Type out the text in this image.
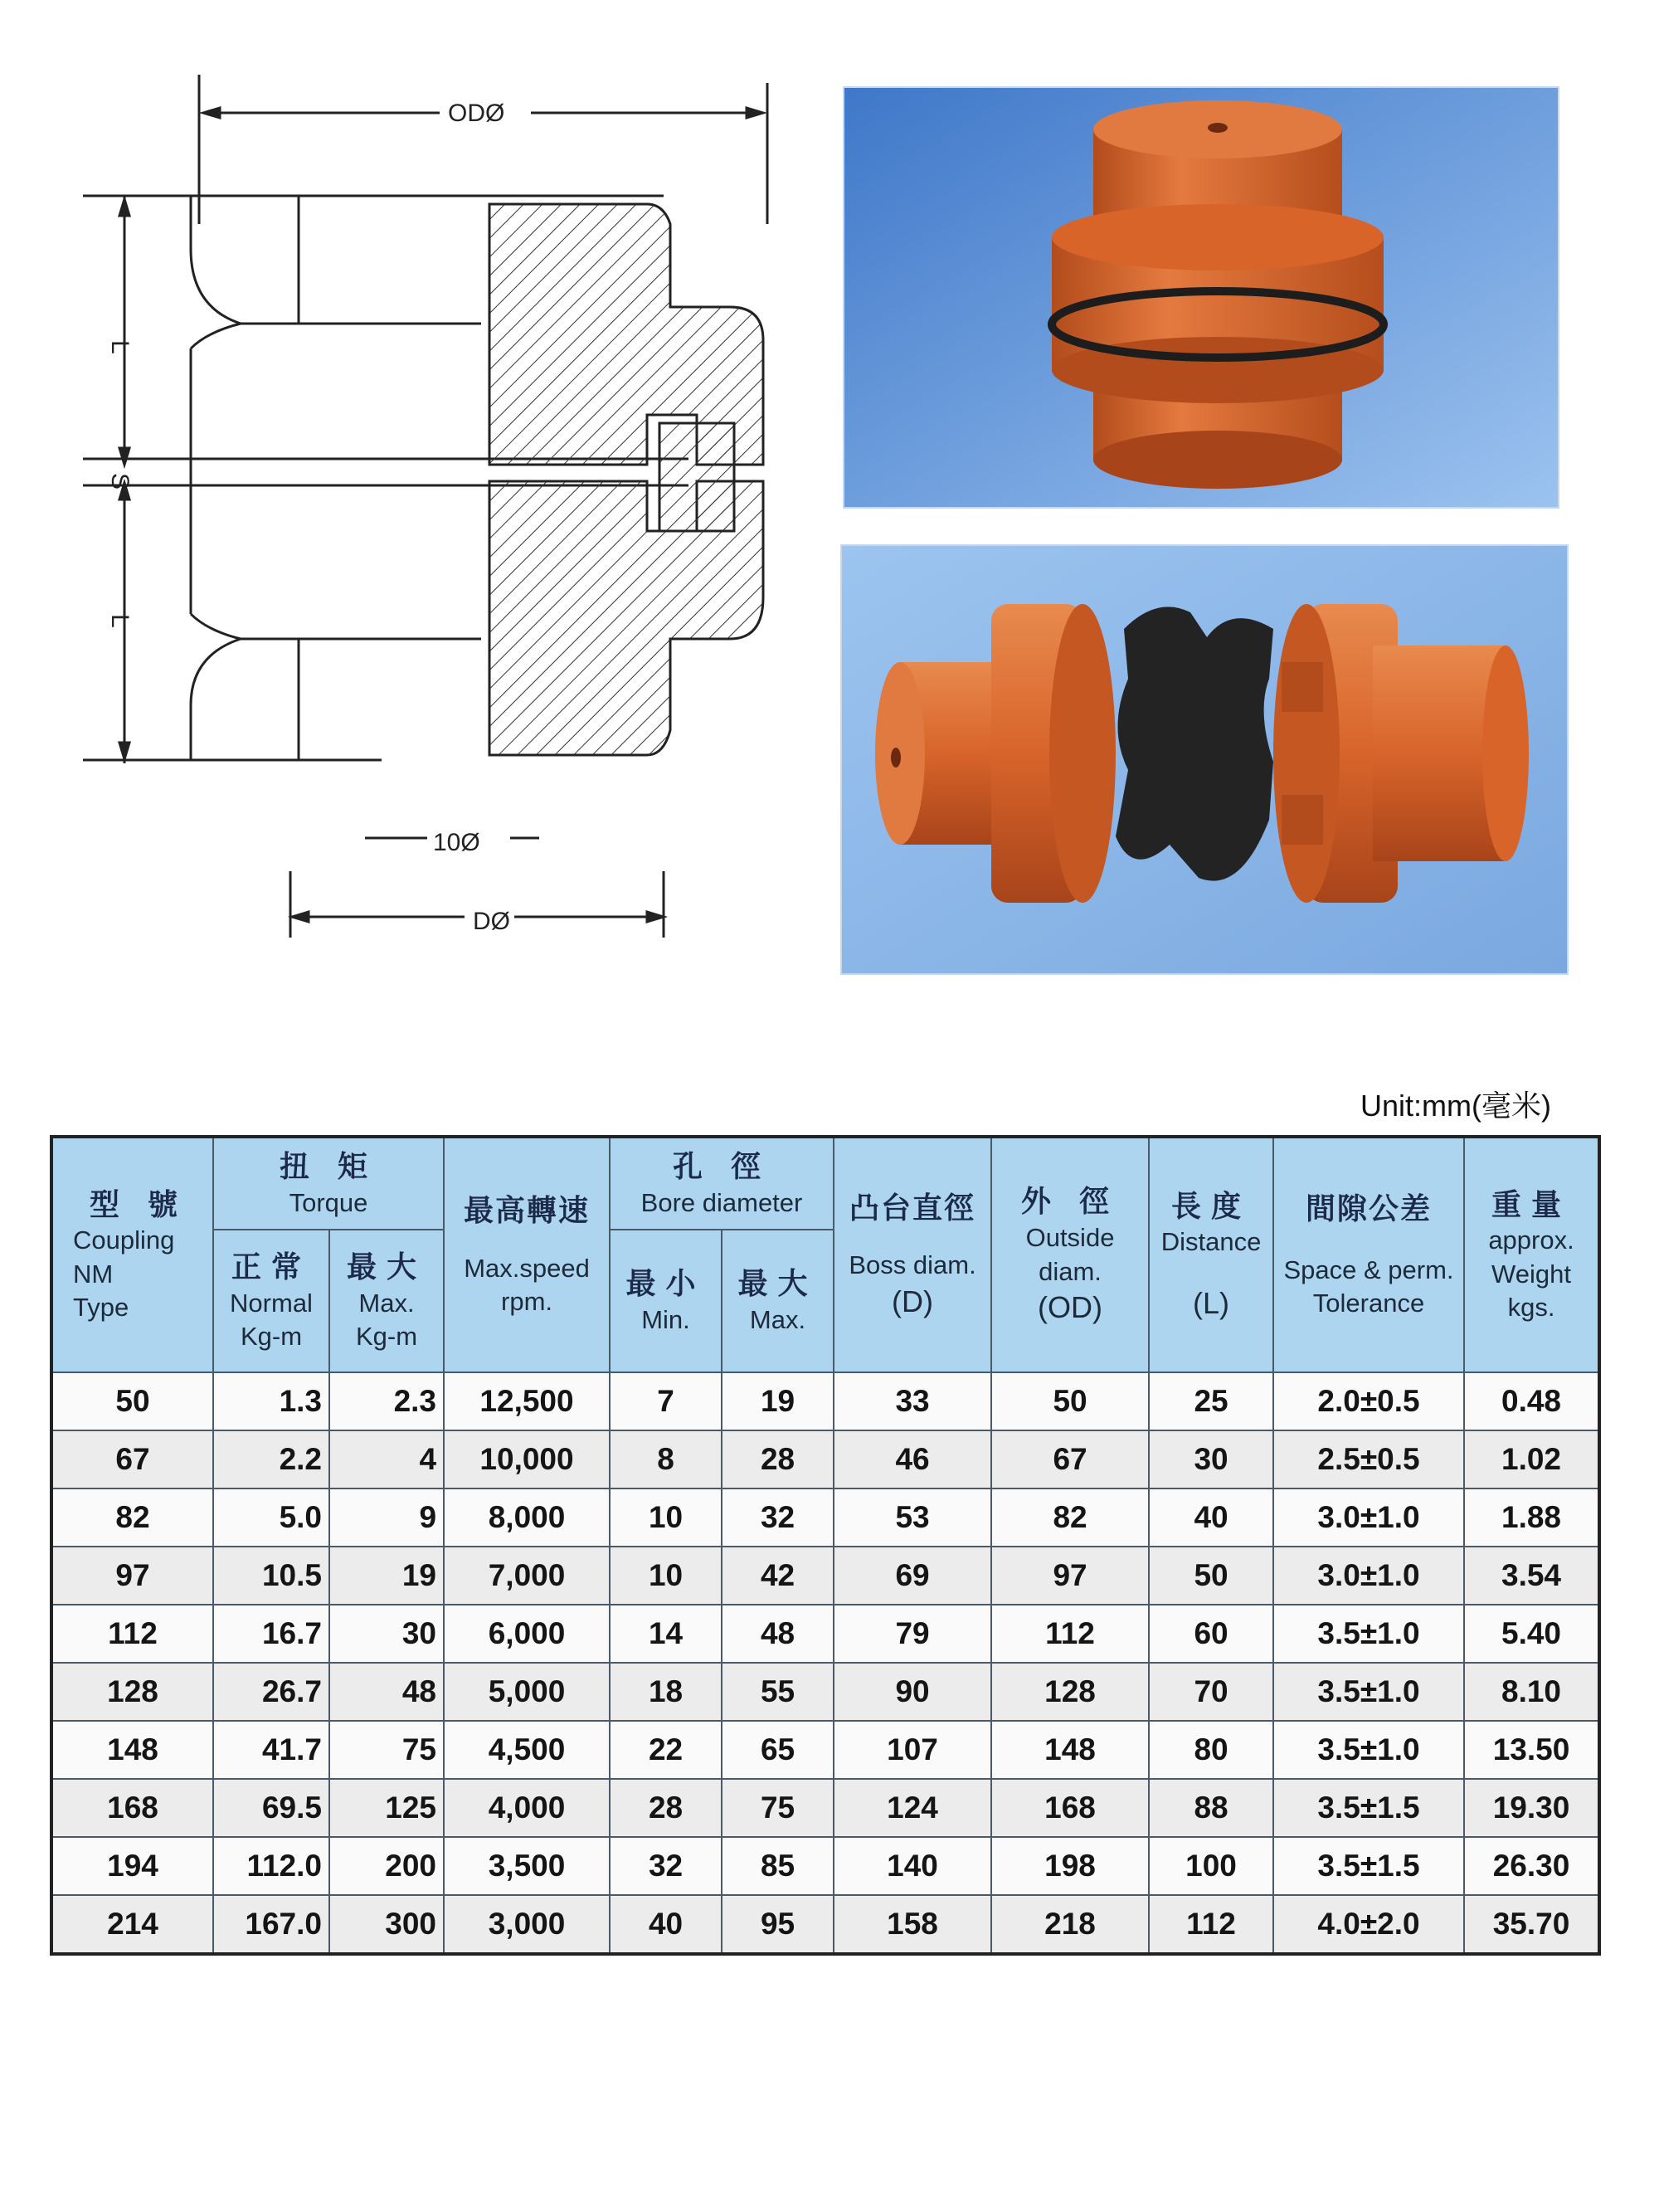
ODØ
L
S
L
10Ø
DØ
Unit:mm(毫米)
型 號
Coupling
NM
Type	扭 矩
Torque		最高轉速
Max.speed
rpm.	孔 徑
Bore diameter		凸台直徑
Boss diam.
(D)	外 徑
Outside
diam.
(OD)	長度
Distance
(L)	間隙公差
Space & perm.
Tolerance	重量
approx.
Weight
kgs.

	正常
Normal
Kg-m	最大
Max.
Kg-m		最小
Min.	最大
Max.					

50	1.3	2.3	12,500	7	19	33	50	25	2.0±0.5	0.48
67	2.2	4	10,000	8	28	46	67	30	2.5±0.5	1.02
82	5.0	9	8,000	10	32	53	82	40	3.0±1.0	1.88
97	10.5	19	7,000	10	42	69	97	50	3.0±1.0	3.54
112	16.7	30	6,000	14	48	79	112	60	3.5±1.0	5.40
128	26.7	48	5,000	18	55	90	128	70	3.5±1.0	8.10
148	41.7	75	4,500	22	65	107	148	80	3.5±1.0	13.50
168	69.5	125	4,000	28	75	124	168	88	3.5±1.5	19.30
194	112.0	200	3,500	32	85	140	198	100	3.5±1.5	26.30
214	167.0	300	3,000	40	95	158	218	112	4.0±2.0	35.70
